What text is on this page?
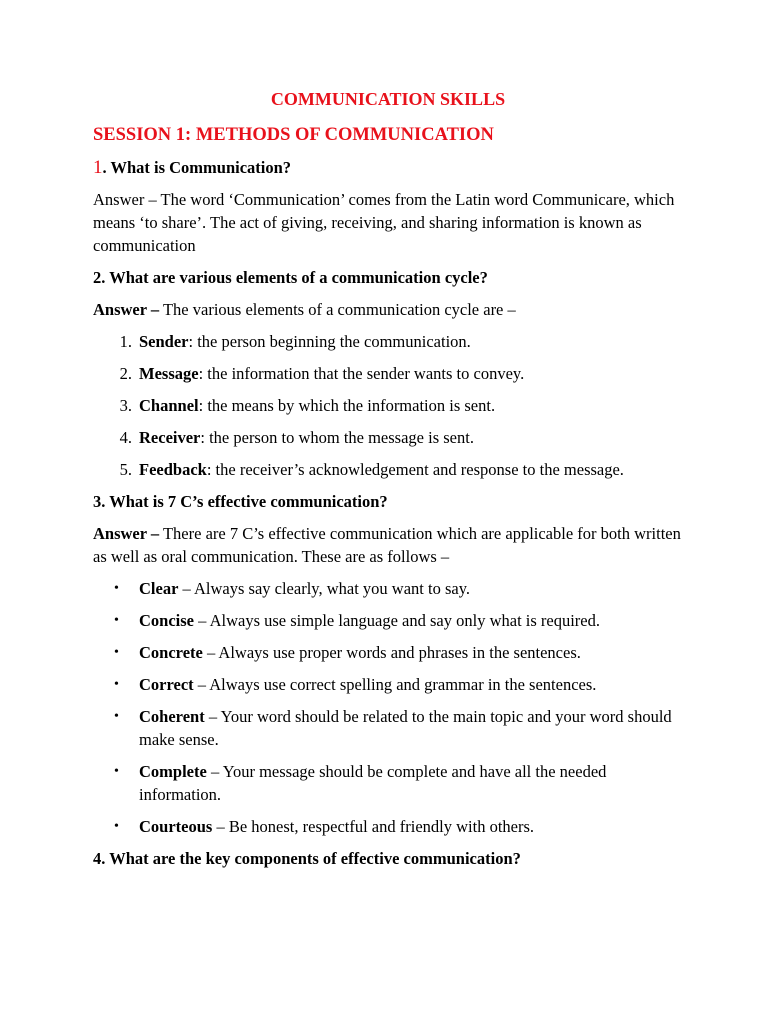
COMMUNICATION SKILLS
SESSION 1: METHODS OF COMMUNICATION
1. What is Communication?
Answer – The word ‘Communication’ comes from the Latin word Communicare, which means ‘to share’. The act of giving, receiving, and sharing information is known as communication
2. What are various elements of a communication cycle?
Answer – The various elements of a communication cycle are –
1. Sender: the person beginning the communication.
2. Message: the information that the sender wants to convey.
3. Channel: the means by which the information is sent.
4. Receiver: the person to whom the message is sent.
5. Feedback: the receiver’s acknowledgement and response to the message.
3. What is 7 C’s effective communication?
Answer – There are 7 C’s effective communication which are applicable for both written as well as oral communication. These are as follows –
• Clear – Always say clearly, what you want to say.
• Concise – Always use simple language and say only what is required.
• Concrete – Always use proper words and phrases in the sentences.
• Correct – Always use correct spelling and grammar in the sentences.
• Coherent – Your word should be related to the main topic and your word should make sense.
• Complete – Your message should be complete and have all the needed information.
• Courteous – Be honest, respectful and friendly with others.
4. What are the key components of effective communication?
